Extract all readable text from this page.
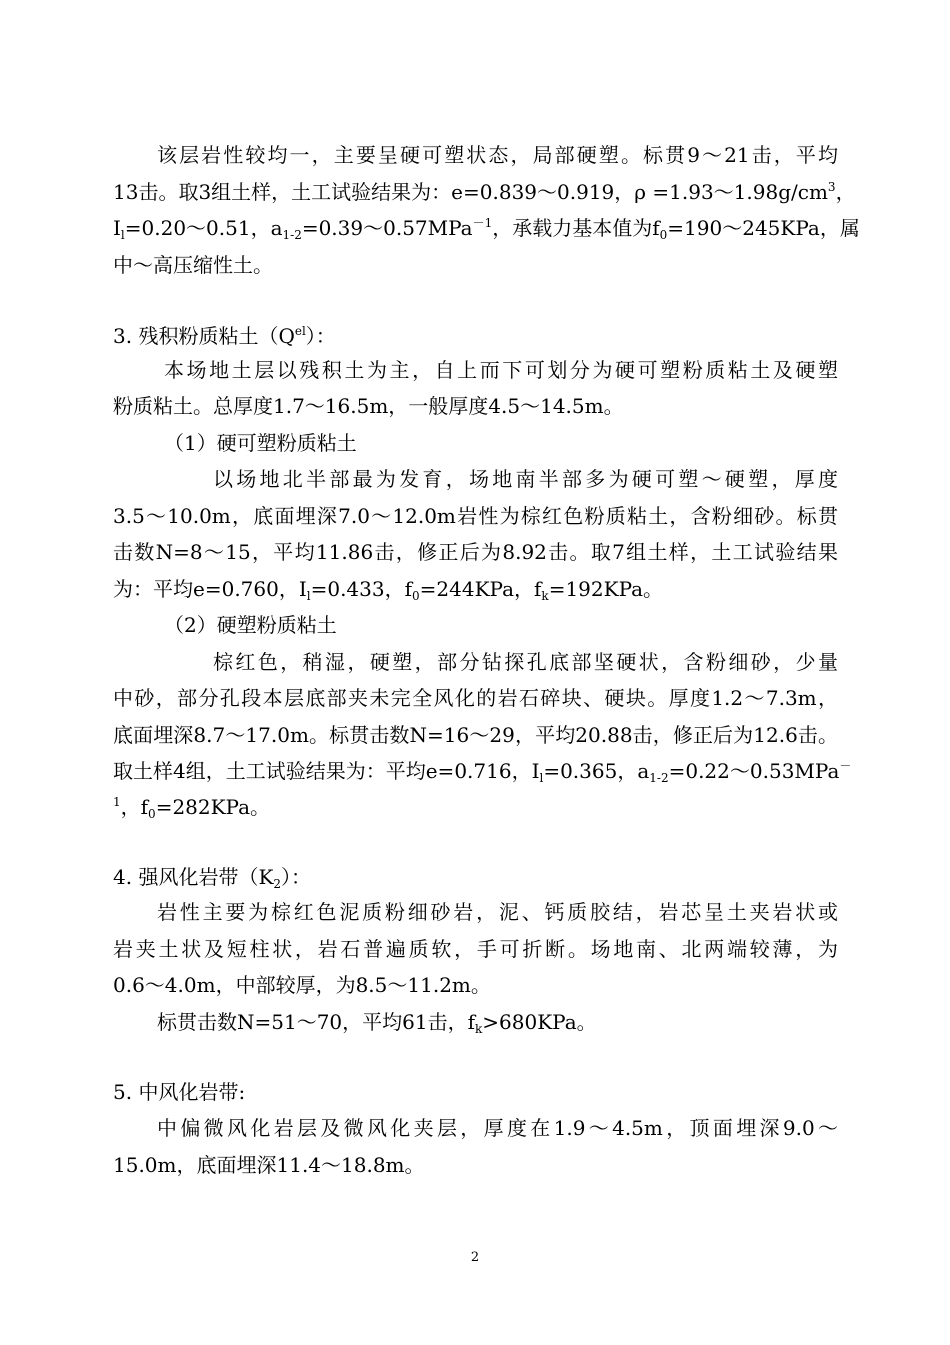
该层岩性较均一，主要呈硬可塑状态，局部硬塑。标贯9～21击，平均
13击。取3组土样，土工试验结果为：e=0.839～0.919，$\rho =1.93\sim 1.98g/cm^3$，
$I_l=0.20\sim 0.51$，$a_{1-2}=0.39\sim 0.57MPa^{-1}$，承载力基本值为$f_0=190\sim 245KPa$，属
中～高压缩性土。
3. 残积粉质粘土$(Q^{el})$：
本场地土层以残积土为主，自上而下可划分为硬可塑粉质粘土及硬塑
粉质粘土。总厚度1.7～16.5m，一般厚度4.5～14.5m。
（1）硬可塑粉质粘土
以场地北半部最为发育，场地南半部多为硬可塑～硬塑，厚度
3.5～10.0m，底面埋深7.0～12.0m岩性为棕红色粉质粘土，含粉细砂。标贯
击数N=8～15，平均11.86击，修正后为8.92击。取7组土样，土工试验结果
为：平均e=0.760，$I_l=0.433$，$f_0=244KPa$，$f_k=192KPa$。
（2）硬塑粉质粘土
棕红色，稍湿，硬塑，部分钻探孔底部坚硬状，含粉细砂，少量
中砂，部分孔段本层底部夹未完全风化的岩石碎块、硬块。厚度1.2～7.3m，
底面埋深8.7～17.0m。标贯击数N=16～29，平均20.88击，修正后为12.6击。
取土样4组，土工试验结果为：平均e=0.716，$I_l=0.365$，$a_{1-2}=0.22\sim 0.53MPa^-$
$^1$，$f_0=282KPa$。
4. 强风化岩带$(K_2)$：
岩性主要为棕红色泥质粉细砂岩，泥、钙质胶结，岩芯呈土夹岩状或
岩夹土状及短柱状，岩石普遍质软，手可折断。场地南、北两端较薄，为
0.6～4.0m，中部较厚，为8.5～11.2m。
标贯击数N=51～70，平均61击，$f_k>680KPa$。
5. 中风化岩带:
中偏微风化岩层及微风化夹层，厚度在1.9～4.5m，顶面埋深9.0～
15.0m，底面埋深11.4～18.8m。
2
